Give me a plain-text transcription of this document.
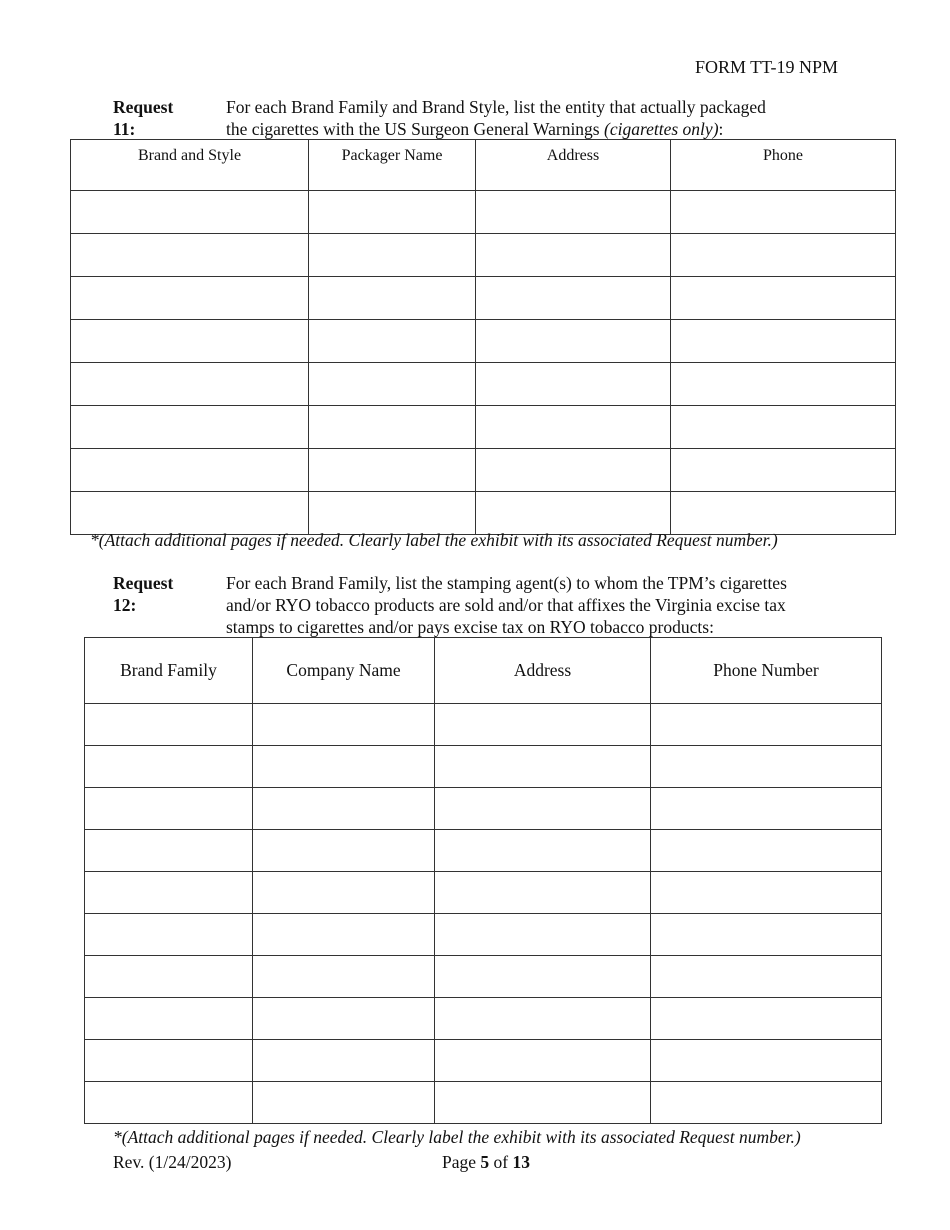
FORM TT-19 NPM
Request 11:
For each Brand Family and Brand Style, list the entity that actually packaged
the cigarettes with the US Surgeon General Warnings (cigarettes only):
Brand and Style	Packager Name	Address	Phone

*(Attach additional pages if needed. Clearly label the exhibit with its associated Request number.)
Request 12:
For each Brand Family, list the stamping agent(s) to whom the TPM’s cigarettes
and/or RYO tobacco products are sold and/or that affixes the Virginia excise tax
stamps to cigarettes and/or pays excise tax on RYO tobacco products:
Brand Family	Company Name	Address	Phone Number

*(Attach additional pages if needed. Clearly label the exhibit with its associated Request number.)
Rev. (1/24/2023)	Page 5 of 13
